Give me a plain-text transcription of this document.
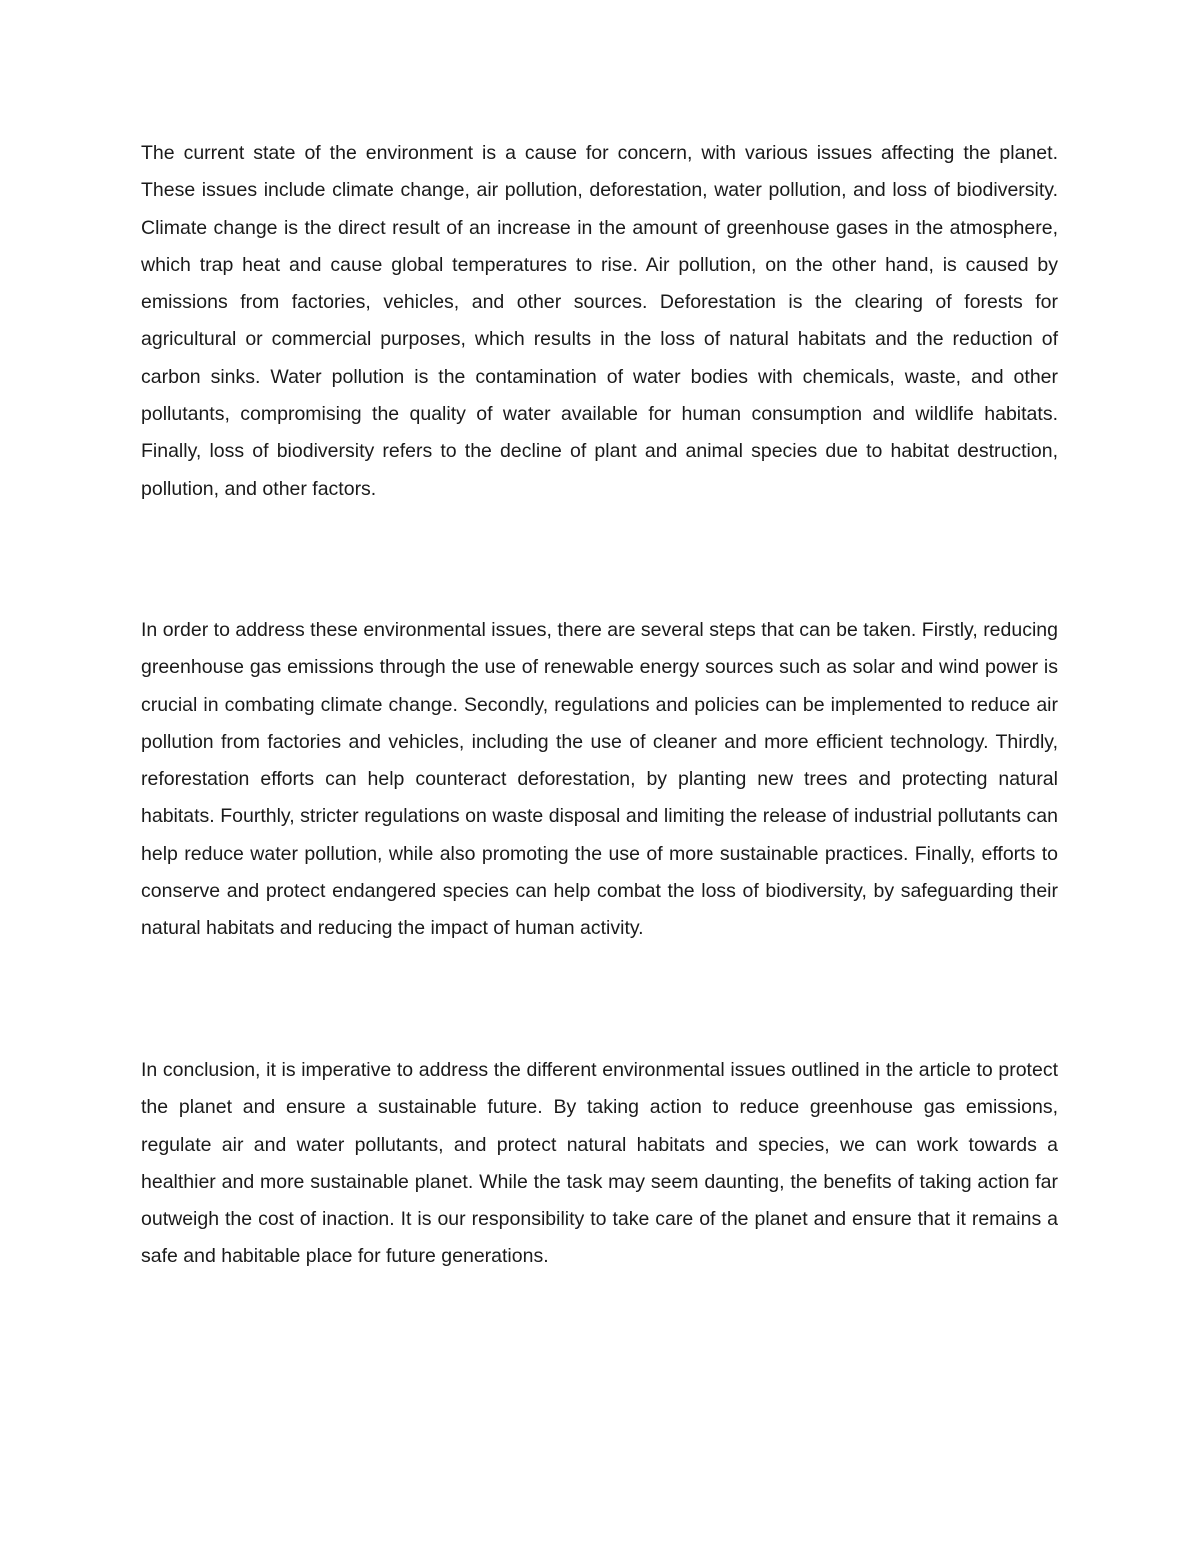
The current state of the environment is a cause for concern, with various issues affecting the planet. These issues include climate change, air pollution, deforestation, water pollution, and loss of biodiversity. Climate change is the direct result of an increase in the amount of greenhouse gases in the atmosphere, which trap heat and cause global temperatures to rise. Air pollution, on the other hand, is caused by emissions from factories, vehicles, and other sources. Deforestation is the clearing of forests for agricultural or commercial purposes, which results in the loss of natural habitats and the reduction of carbon sinks. Water pollution is the contamination of water bodies with chemicals, waste, and other pollutants, compromising the quality of water available for human consumption and wildlife habitats. Finally, loss of biodiversity refers to the decline of plant and animal species due to habitat destruction, pollution, and other factors.

In order to address these environmental issues, there are several steps that can be taken. Firstly, reducing greenhouse gas emissions through the use of renewable energy sources such as solar and wind power is crucial in combating climate change. Secondly, regulations and policies can be implemented to reduce air pollution from factories and vehicles, including the use of cleaner and more efficient technology. Thirdly, reforestation efforts can help counteract deforestation, by planting new trees and protecting natural habitats. Fourthly, stricter regulations on waste disposal and limiting the release of industrial pollutants can help reduce water pollution, while also promoting the use of more sustainable practices. Finally, efforts to conserve and protect endangered species can help combat the loss of biodiversity, by safeguarding their natural habitats and reducing the impact of human activity.

In conclusion, it is imperative to address the different environmental issues outlined in the article to protect the planet and ensure a sustainable future. By taking action to reduce greenhouse gas emissions, regulate air and water pollutants, and protect natural habitats and species, we can work towards a healthier and more sustainable planet. While the task may seem daunting, the benefits of taking action far outweigh the cost of inaction. It is our responsibility to take care of the planet and ensure that it remains a safe and habitable place for future generations.
